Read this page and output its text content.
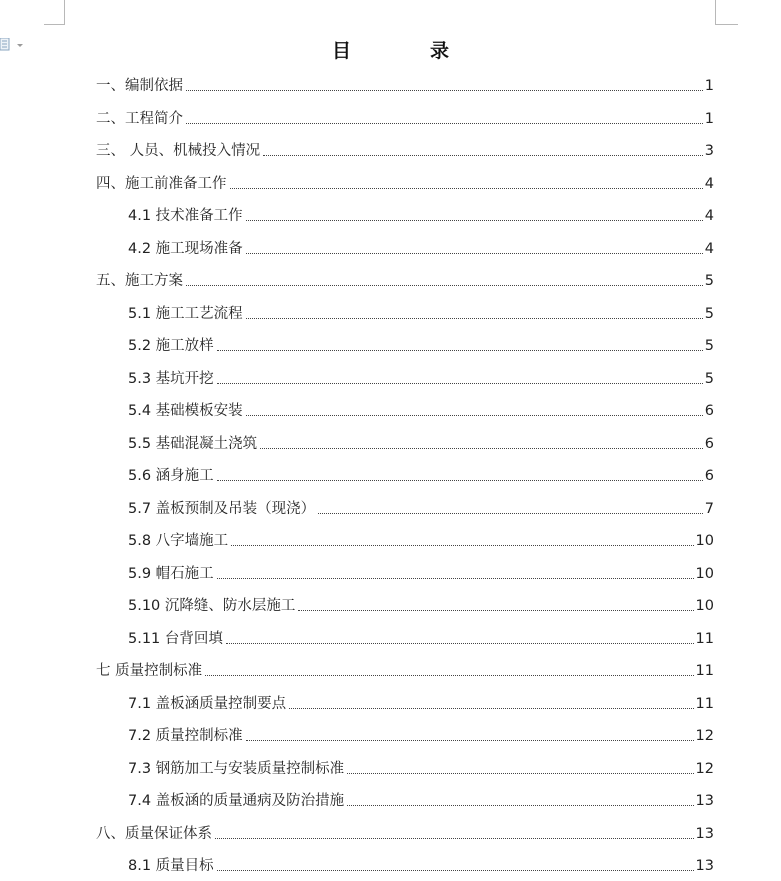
目　录
一、编制依据	1
二、工程简介	1
三、 人员、机械投入情况	3
四、施工前准备工作	4
4.1 技术准备工作	4
4.2 施工现场准备	4
五、施工方案	5
5.1 施工工艺流程	5
5.2 施工放样	5
5.3 基坑开挖	5
5.4 基础模板安装	6
5.5 基础混凝土浇筑	6
5.6 涵身施工	6
5.7 盖板预制及吊装（现浇）	7
5.8 八字墙施工	10
5.9 帽石施工	10
5.10 沉降缝、防水层施工	10
5.11 台背回填	11
七 质量控制标准	11
7.1 盖板涵质量控制要点	11
7.2 质量控制标准	12
7.3 钢筋加工与安装质量控制标准	12
7.4 盖板涵的质量通病及防治措施	13
八、质量保证体系	13
8.1 质量目标	13
